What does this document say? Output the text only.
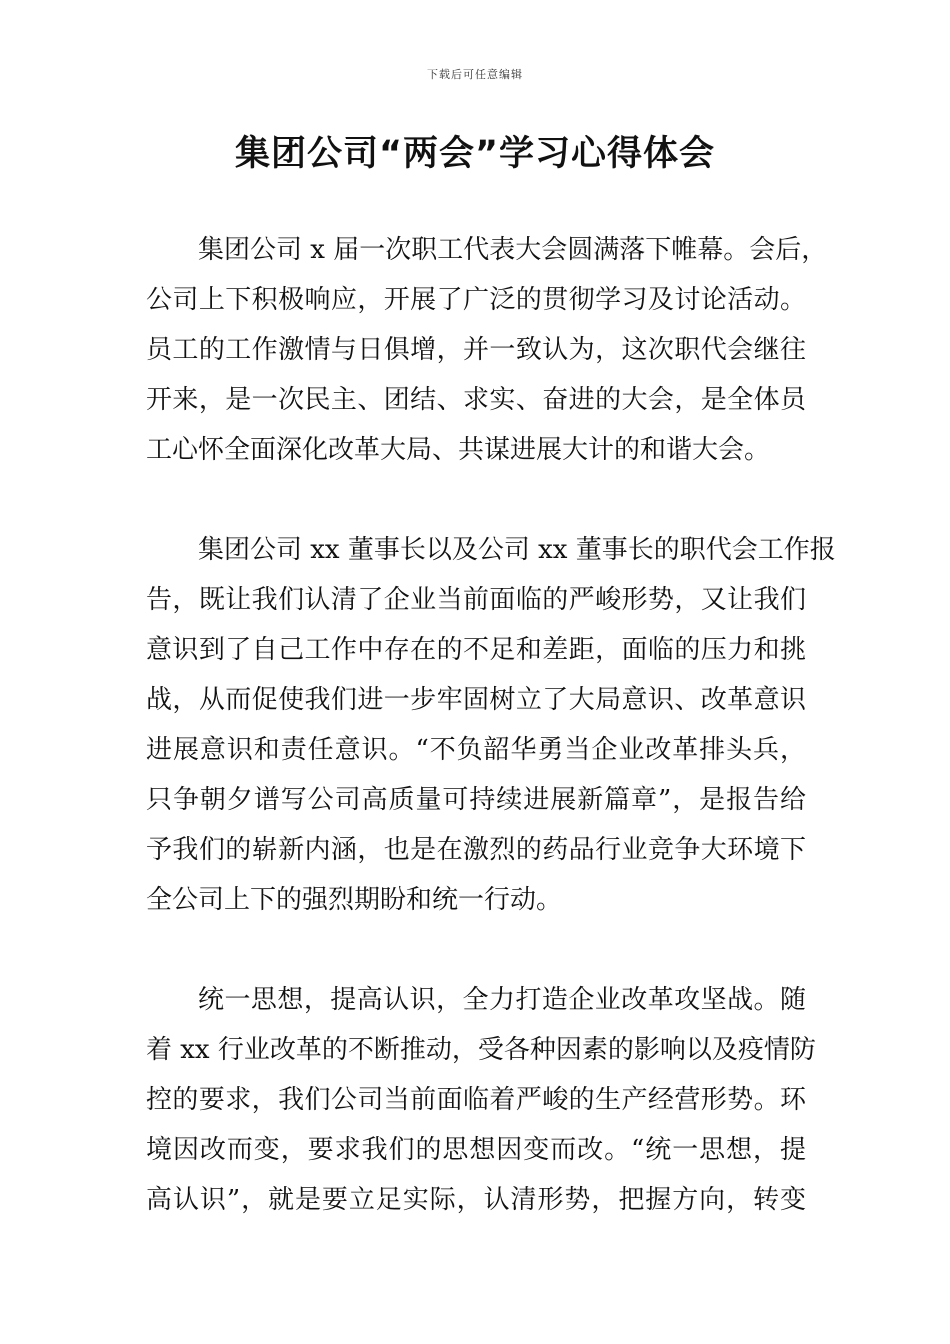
下载后可任意编辑
集团公司“两会”学习心得体会
集团公司 x 届一次职工代表大会圆满落下帷幕。会后，
公司上下积极响应，开展了广泛的贯彻学习及讨论活动。
员工的工作激情与日俱增，并一致认为，这次职代会继往
开来，是一次民主、团结、求实、奋进的大会，是全体员
工心怀全面深化改革大局、共谋进展大计的和谐大会。
集团公司 xx 董事长以及公司 xx 董事长的职代会工作报
告，既让我们认清了企业当前面临的严峻形势，又让我们
意识到了自己工作中存在的不足和差距，面临的压力和挑
战，从而促使我们进一步牢固树立了大局意识、改革意识
进展意识和责任意识。“不负韶华勇当企业改革排头兵，
只争朝夕谱写公司高质量可持续进展新篇章”，是报告给
予我们的崭新内涵，也是在激烈的药品行业竞争大环境下
全公司上下的强烈期盼和统一行动。
统一思想，提高认识，全力打造企业改革攻坚战。随
着 xx 行业改革的不断推动，受各种因素的影响以及疫情防
控的要求，我们公司当前面临着严峻的生产经营形势。环
境因改而变，要求我们的思想因变而改。“统一思想，提
高认识”，就是要立足实际，认清形势，把握方向，转变
